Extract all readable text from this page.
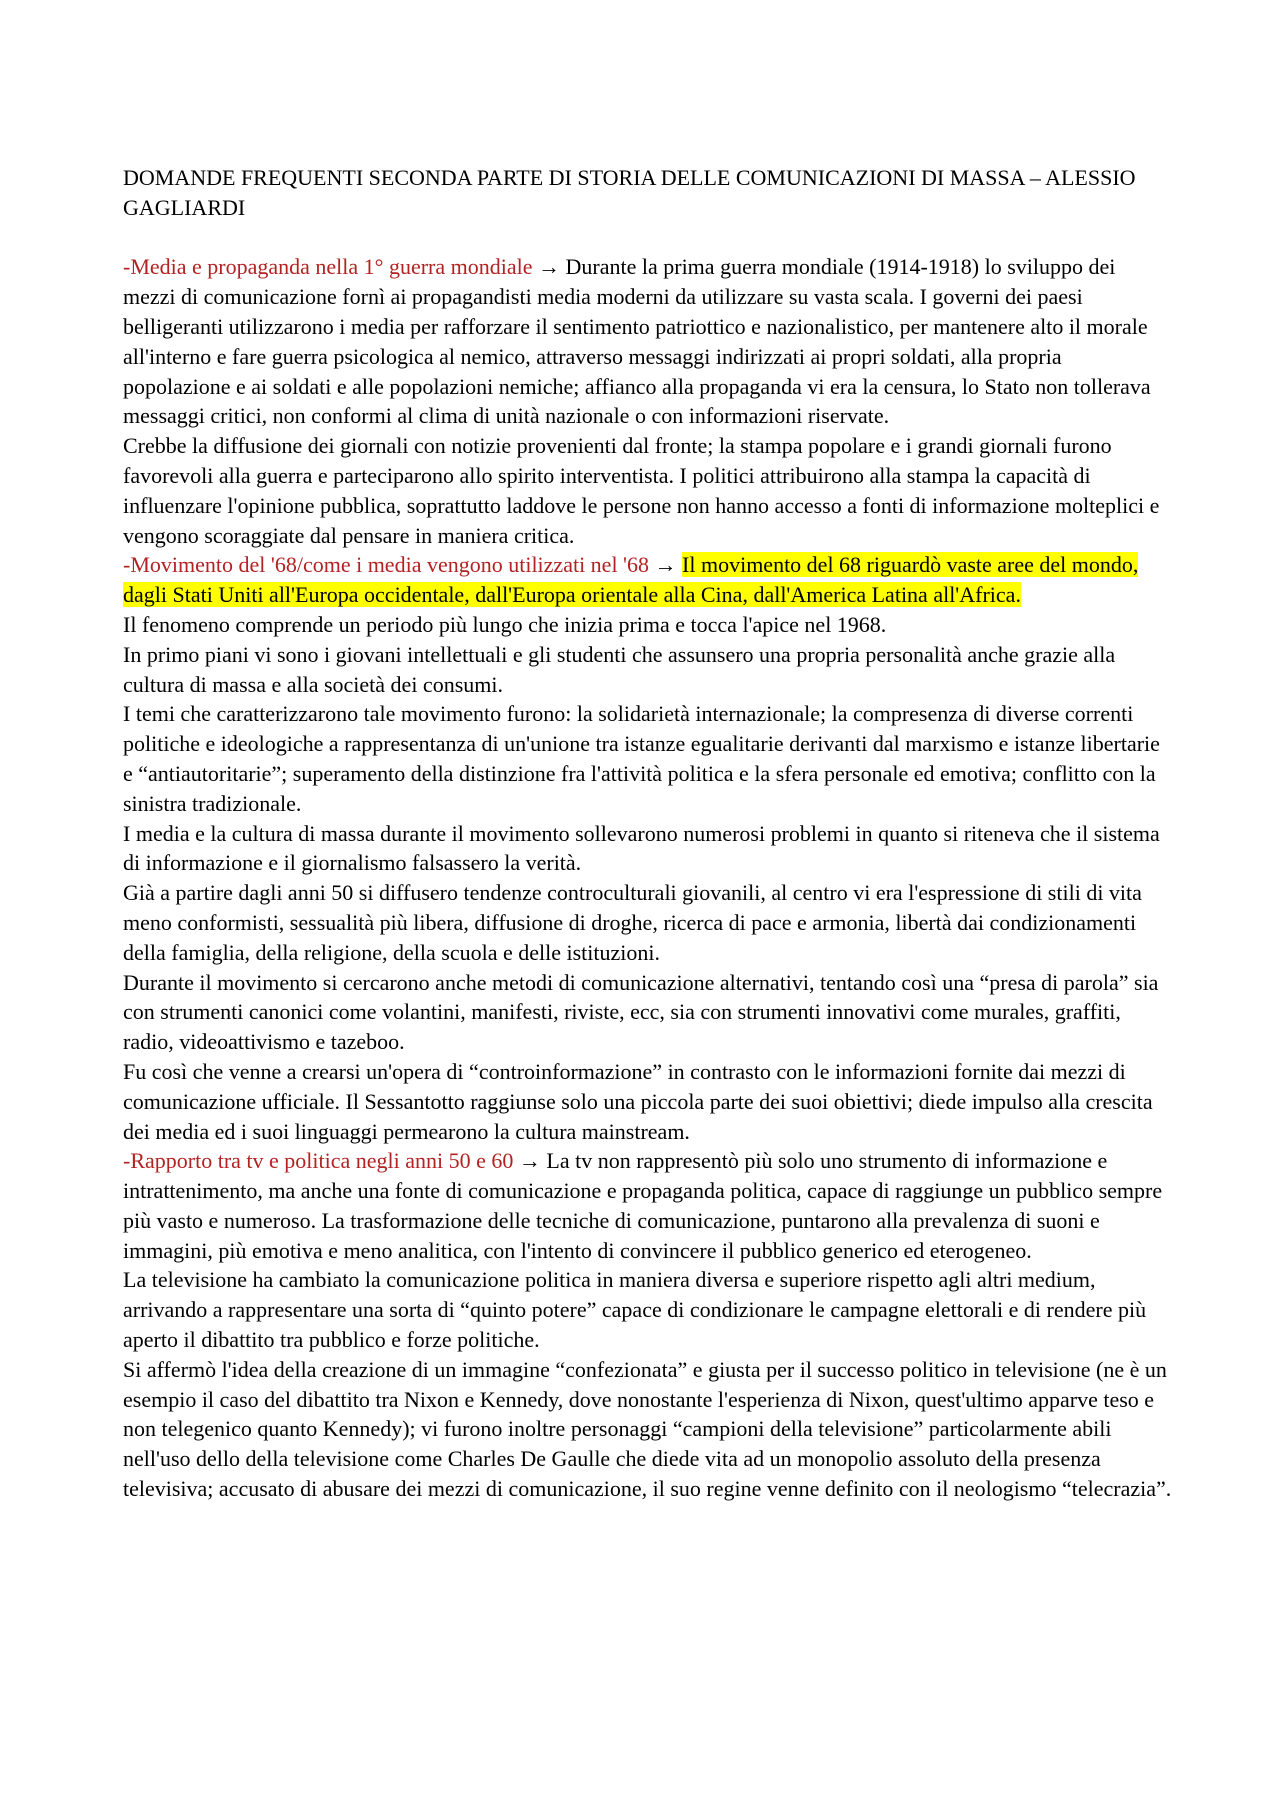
DOMANDE FREQUENTI SECONDA PARTE DI STORIA DELLE COMUNICAZIONI DI MASSA – ALESSIO GAGLIARDI

-Media e propaganda nella 1° guerra mondiale → Durante la prima guerra mondiale (1914-1918) lo sviluppo dei mezzi di comunicazione fornì ai propagandisti media moderni da utilizzare su vasta scala. I governi dei paesi belligeranti utilizzarono i media per rafforzare il sentimento patriottico e nazionalistico, per mantenere alto il morale all'interno e fare guerra psicologica al nemico, attraverso messaggi indirizzati ai propri soldati, alla propria popolazione e ai soldati e alle popolazioni nemiche; affianco alla propaganda vi era la censura, lo Stato non tollerava messaggi critici, non conformi al clima di unità nazionale o con informazioni riservate.

Crebbe la diffusione dei giornali con notizie provenienti dal fronte; la stampa popolare e i grandi giornali furono favorevoli alla guerra e parteciparono allo spirito interventista. I politici attribuirono alla stampa la capacità di influenzare l'opinione pubblica, soprattutto laddove le persone non hanno accesso a fonti di informazione molteplici e vengono scoraggiate dal pensare in maniera critica.

-Movimento del '68/come i media vengono utilizzati nel '68 → Il movimento del 68 riguardò vaste aree del mondo, dagli Stati Uniti all'Europa occidentale, dall'Europa orientale alla Cina, dall'America Latina all'Africa.

Il fenomeno comprende un periodo più lungo che inizia prima e tocca l'apice nel 1968.

In primo piani vi sono i giovani intellettuali e gli studenti che assunsero una propria personalità anche grazie alla cultura di massa e alla società dei consumi.

I temi che caratterizzarono tale movimento furono: la solidarietà internazionale; la compresenza di diverse correnti politiche e ideologiche a rappresentanza di un'unione tra istanze egualitarie derivanti dal marxismo e istanze libertarie e “antiautoritarie”; superamento della distinzione fra l'attività politica e la sfera personale ed emotiva; conflitto con la sinistra tradizionale.

I media e la cultura di massa durante il movimento sollevarono numerosi problemi in quanto si riteneva che il sistema di informazione e il giornalismo falsassero la verità.

Già a partire dagli anni 50 si diffusero tendenze controculturali giovanili, al centro vi era l'espressione di stili di vita meno conformisti, sessualità più libera, diffusione di droghe, ricerca di pace e armonia, libertà dai condizionamenti della famiglia, della religione, della scuola e delle istituzioni.

Durante il movimento si cercarono anche metodi di comunicazione alternativi, tentando così una “presa di parola” sia con strumenti canonici come volantini, manifesti, riviste, ecc, sia con strumenti innovativi come murales, graffiti, radio, videoattivismo e tazeboo.

Fu così che venne a crearsi un'opera di “controinformazione” in contrasto con le informazioni fornite dai mezzi di comunicazione ufficiale. Il Sessantotto raggiunse solo una piccola parte dei suoi obiettivi; diede impulso alla crescita dei media ed i suoi linguaggi permearono la cultura mainstream.

-Rapporto tra tv e politica negli anni 50 e 60 → La tv non rappresentò più solo uno strumento di informazione e intrattenimento, ma anche una fonte di comunicazione e propaganda politica, capace di raggiunge un pubblico sempre più vasto e numeroso. La trasformazione delle tecniche di comunicazione, puntarono alla prevalenza di suoni e immagini, più emotiva e meno analitica, con l'intento di convincere il pubblico generico ed eterogeneo.

La televisione ha cambiato la comunicazione politica in maniera diversa e superiore rispetto agli altri medium, arrivando a rappresentare una sorta di “quinto potere” capace di condizionare le campagne elettorali e di rendere più aperto il dibattito tra pubblico e forze politiche.

Si affermò l'idea della creazione di un immagine “confezionata” e giusta per il successo politico in televisione (ne è un esempio il caso del dibattito tra Nixon e Kennedy, dove nonostante l'esperienza di Nixon, quest'ultimo apparve teso e non telegenico quanto Kennedy); vi furono inoltre personaggi “campioni della televisione” particolarmente abili nell'uso dello della televisione come Charles De Gaulle che diede vita ad un monopolio assoluto della presenza televisiva; accusato di abusare dei mezzi di comunicazione, il suo regine venne definito con il neologismo “telecrazia”.
